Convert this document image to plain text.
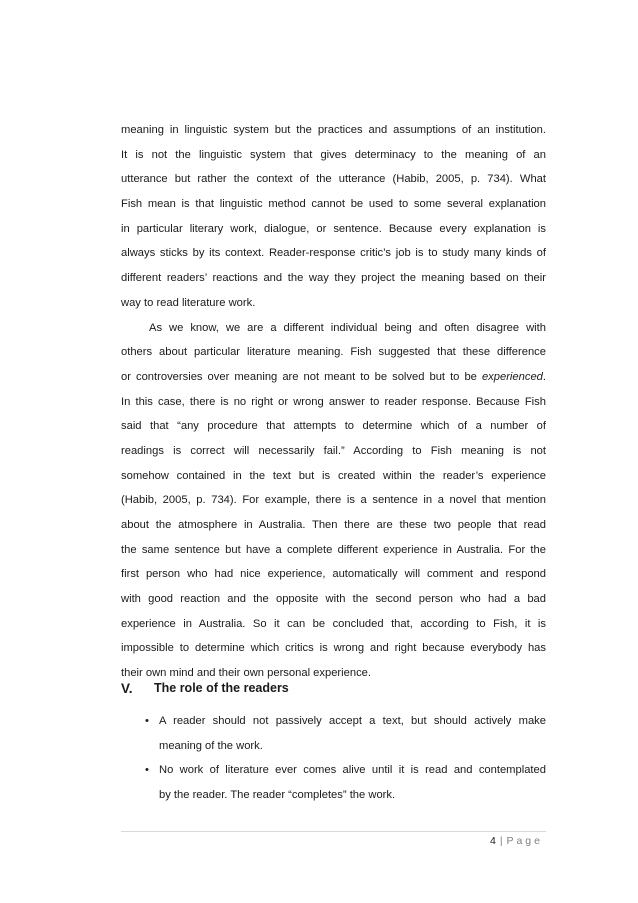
meaning in linguistic system but the practices and assumptions of an institution.
It is not the linguistic system that gives determinacy to the meaning of an
utterance but rather the context of the utterance (Habib, 2005, p. 734). What
Fish mean is that linguistic method cannot be used to some several explanation
in particular literary work, dialogue, or sentence. Because every explanation is
always sticks by its context. Reader-response critic’s job is to study many kinds of
different readers’ reactions and the way they project the meaning based on their
way to read literature work.
As we know, we are a different individual being and often disagree with
others about particular literature meaning. Fish suggested that these difference
or controversies over meaning are not meant to be solved but to be experienced.
In this case, there is no right or wrong answer to reader response. Because Fish
said that “any procedure that attempts to determine which of a number of
readings is correct will necessarily fail.” According to Fish meaning is not
somehow contained in the text but is created within the reader’s experience
(Habib, 2005, p. 734). For example, there is a sentence in a novel that mention
about the atmosphere in Australia. Then there are these two people that read
the same sentence but have a complete different experience in Australia. For the
first person who had nice experience, automatically will comment and respond
with good reaction and the opposite with the second person who had a bad
experience in Australia. So it can be concluded that, according to Fish, it is
impossible to determine which critics is wrong and right because everybody has
their own mind and their own personal experience.
V.	The role of the readers
• A reader should not passively accept a text, but should actively make
meaning of the work.
• No work of literature ever comes alive until it is read and contemplated
by the reader. The reader “completes” the work.
4 | Page
